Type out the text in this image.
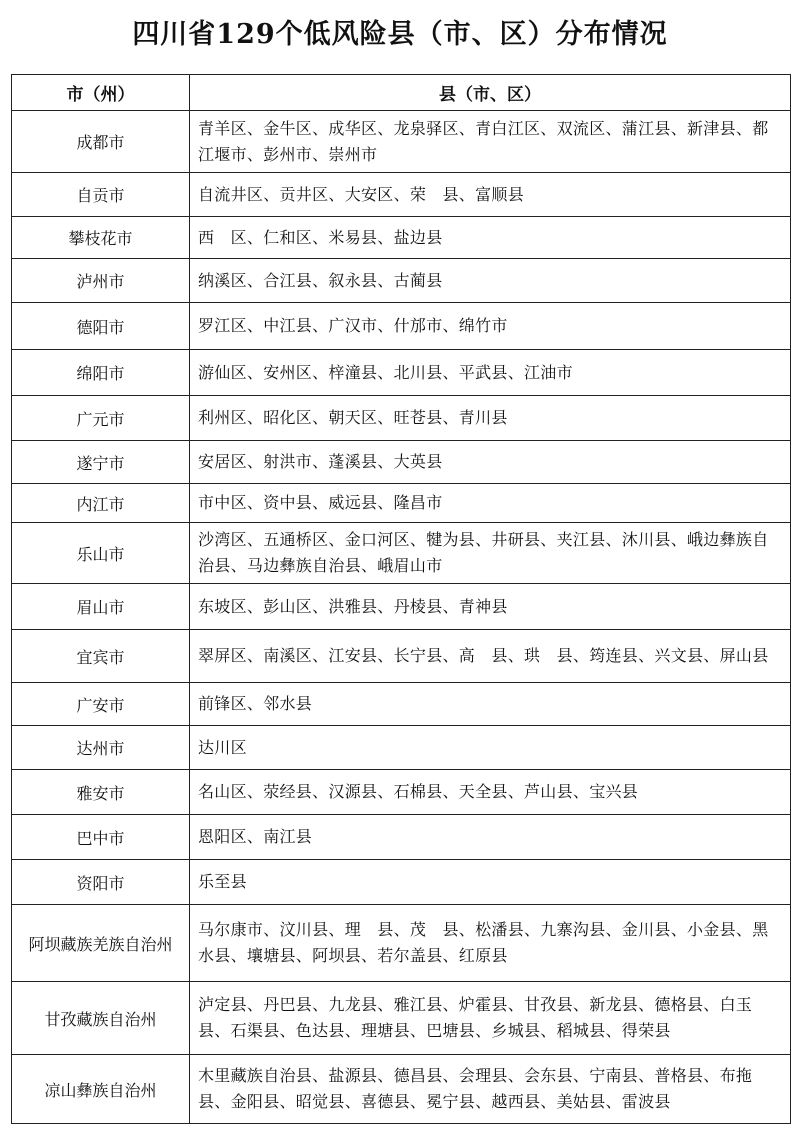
四川省129个低风险县（市、区）分布情况
市（州）	县（市、区）
成都市	青羊区、金牛区、成华区、龙泉驿区、青白江区、双流区、蒲江县、新津县、都江堰市、彭州市、崇州市
自贡市	自流井区、贡井区、大安区、荣　县、富顺县
攀枝花市	西　区、仁和区、米易县、盐边县
泸州市	纳溪区、合江县、叙永县、古蔺县
德阳市	罗江区、中江县、广汉市、什邡市、绵竹市
绵阳市	游仙区、安州区、梓潼县、北川县、平武县、江油市
广元市	利州区、昭化区、朝天区、旺苍县、青川县
遂宁市	安居区、射洪市、蓬溪县、大英县
内江市	市中区、资中县、威远县、隆昌市
乐山市	沙湾区、五通桥区、金口河区、犍为县、井研县、夹江县、沐川县、峨边彝族自治县、马边彝族自治县、峨眉山市
眉山市	东坡区、彭山区、洪雅县、丹棱县、青神县
宜宾市	翠屏区、南溪区、江安县、长宁县、高　县、珙　县、筠连县、兴文县、屏山县
广安市	前锋区、邻水县
达州市	达川区
雅安市	名山区、荥经县、汉源县、石棉县、天全县、芦山县、宝兴县
巴中市	恩阳区、南江县
资阳市	乐至县
阿坝藏族羌族自治州	马尔康市、汶川县、理　县、茂　县、松潘县、九寨沟县、金川县、小金县、黑水县、壤塘县、阿坝县、若尔盖县、红原县
甘孜藏族自治州	泸定县、丹巴县、九龙县、雅江县、炉霍县、甘孜县、新龙县、德格县、白玉县、石渠县、色达县、理塘县、巴塘县、乡城县、稻城县、得荣县
凉山彝族自治州	木里藏族自治县、盐源县、德昌县、会理县、会东县、宁南县、普格县、布拖县、金阳县、昭觉县、喜德县、冕宁县、越西县、美姑县、雷波县
